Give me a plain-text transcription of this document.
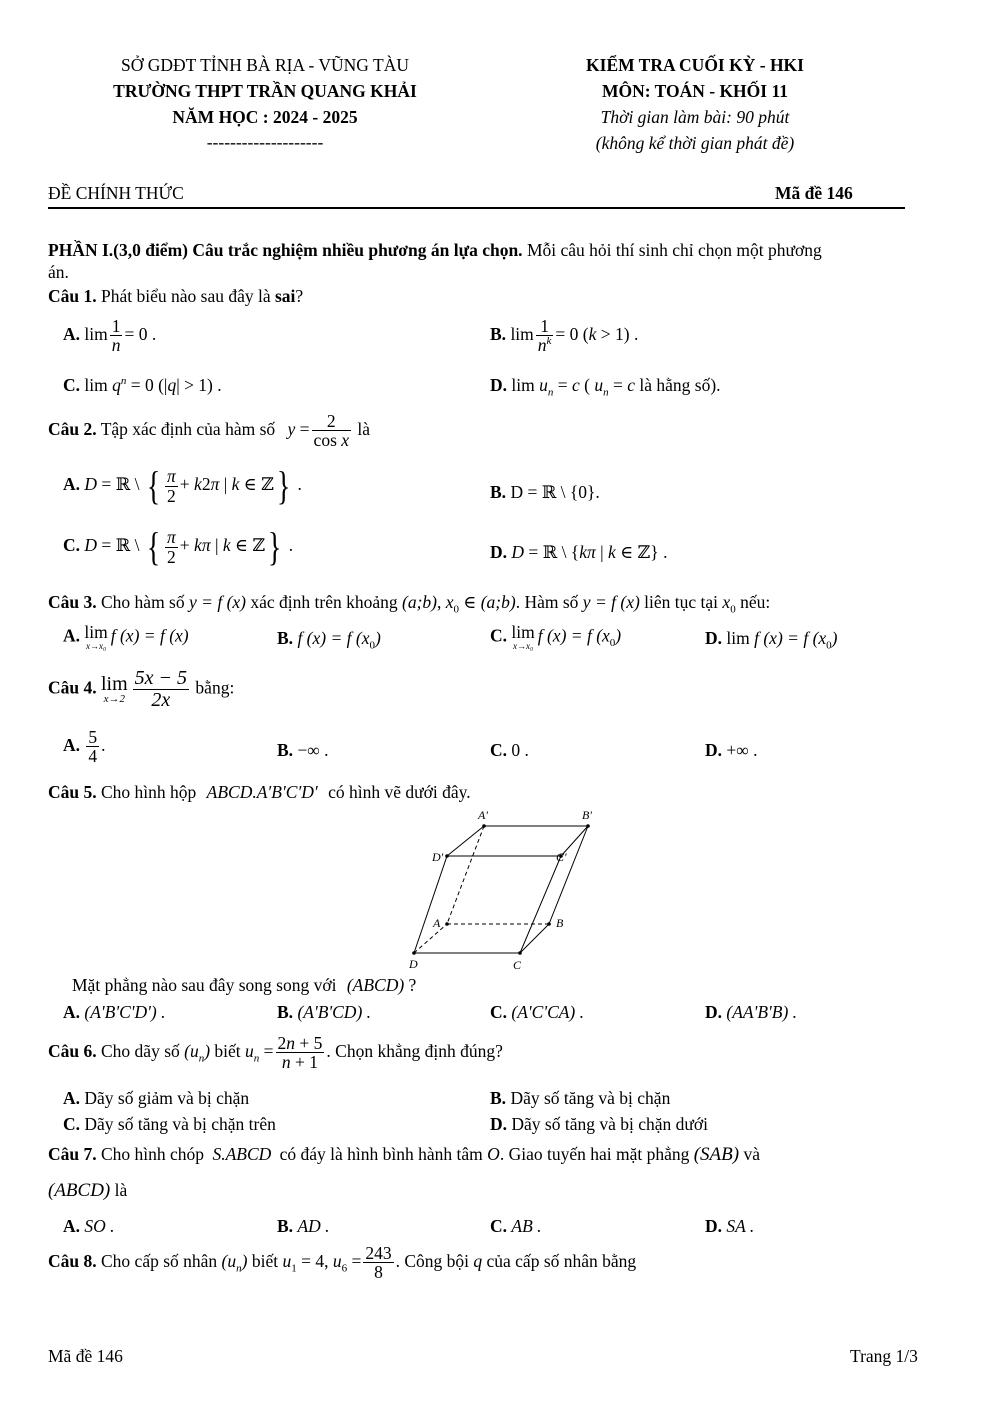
SỞ GDĐT TỈNH BÀ RỊA - VŨNG TÀU
TRƯỜNG THPT TRẦN QUANG KHẢI
NĂM HỌC : 2024 - 2025
--------------------
KIỂM TRA CUỐI KỲ - HKI
MÔN: TOÁN - KHỐI 11
Thời gian làm bài: 90 phút
(không kể thời gian phát đề)
ĐỀ CHÍNH THỨC	Mã đề 146
PHẦN I.(3,0 điểm) Câu trắc nghiệm nhiều phương án lựa chọn. Mỗi câu hỏi thí sinh chỉ chọn một phương
án.
Câu 1. Phát biểu nào sau đây là sai?
A. $\lim \frac{1}{n} = 0$ .	B. $\lim \frac{1}{n^k} = 0$ (k > 1) .
C. $\lim q^n = 0$ (|q| > 1) .	D. $\lim u_n = c$ ( $u_n = c$ là hằng số).
Câu 2. Tập xác định của hàm số $y = \frac{2}{\text{cos x}}$ là
A. D = ℝ \ { $\frac{\pi}{2} + k2\pi$ | k ∈ ℤ} .	B. D = ℝ \ {0}.
C. D = ℝ \ { $\frac{\pi}{2} + k\pi$ | k ∈ ℤ} .	D. D = ℝ \ {kπ | k ∈ ℤ} .
Câu 3. Cho hàm số y = f (x) xác định trên khoảng (a;b), $x_0$ ∈ (a;b). Hàm số y = f (x) liên tục tại $x_0$ nếu:
A. lim
x→x₀
f (x) = f (x)	B. f (x) = f $(x_0)$	C. lim
x→x₀
f (x) = f $(x_0)$	D. lim f (x) = f $(x_0)$
Câu 4. lim
$x\to 2 \frac{5x - 5}{2x}$ bằng:
A. $\frac{5}{4}$ .	B. −∞ .	C. 0 .	D. +∞ .
Câu 5. Cho hình hộp ABCD.A′B′C′D′ có hình vẽ dưới đây.
A′	B′
D′	C′
A	B
D	C
Mặt phẳng nào sau đây song song với (ABCD) ?
A. (A'B'C'D') .	B. (A'B'CD) .	C. (A'C'CA) .	D. (AA'B'B) .
Câu 6. Cho dãy số $(u_n)$ biết $u_n = \frac{2n + 5}{n + 1}$ . Chọn khẳng định đúng?
A. Dãy số giảm và bị chặn	B. Dãy số tăng và bị chặn
C. Dãy số tăng và bị chặn trên	D. Dãy số tăng và bị chặn dưới
Câu 7. Cho hình chóp S.ABCD có đáy là hình bình hành tâm O. Giao tuyến hai mặt phẳng (SAB) và
(ABCD) là
A. SO .	B. AD .	C. AB .	D. SA .
Câu 8. Cho cấp số nhân $(u_n)$ biết $u_1 = 4$, $u_6 = \frac{243}{8}$ . Công bội q của cấp số nhân bằng
Mã đề 146	Trang 1/3
